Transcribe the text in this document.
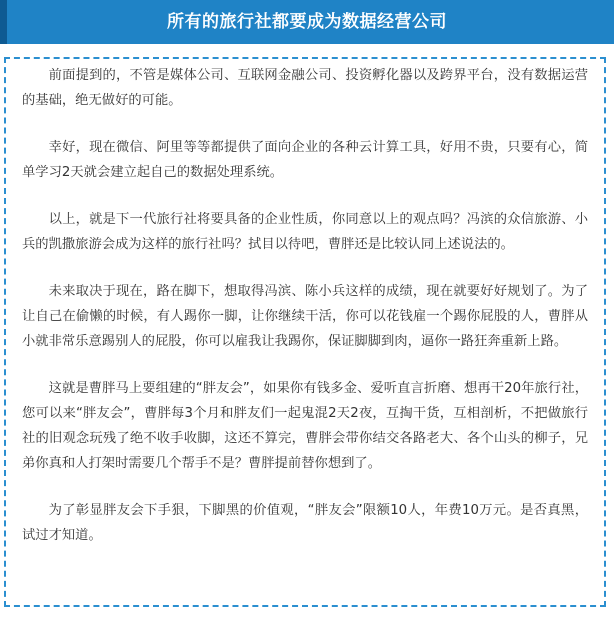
所有的旅行社都要成为数据经营公司

前面提到的，不管是媒体公司、互联网金融公司、投资孵化器以及跨界平台，没有数据运营的基础，绝无做好的可能。

幸好，现在微信、阿里等等都提供了面向企业的各种云计算工具，好用不贵，只要有心，简单学习2天就会建立起自己的数据处理系统。

以上，就是下一代旅行社将要具备的企业性质，你同意以上的观点吗？冯滨的众信旅游、小兵的凯撒旅游会成为这样的旅行社吗？拭目以待吧，曹胖还是比较认同上述说法的。

未来取决于现在，路在脚下，想取得冯滨、陈小兵这样的成绩，现在就要好好规划了。为了让自己在偷懒的时候，有人踢你一脚，让你继续干活，你可以花钱雇一个踢你屁股的人，曹胖从小就非常乐意踢别人的屁股，你可以雇我让我踢你，保证脚脚到肉，逼你一路狂奔重新上路。

这就是曹胖马上要组建的“胖友会”，如果你有钱多金、爱听直言折磨、想再干20年旅行社，您可以来“胖友会”，曹胖每3个月和胖友们一起鬼混2天2夜，互掏干货，互相剖析，不把做旅行社的旧观念玩残了绝不收手收脚，这还不算完，曹胖会带你结交各路老大、各个山头的柳子，兄弟你真和人打架时需要几个帮手不是？曹胖提前替你想到了。

为了彰显胖友会下手狠，下脚黑的价值观，“胖友会”限额10人，年费10万元。是否真黑，试过才知道。
